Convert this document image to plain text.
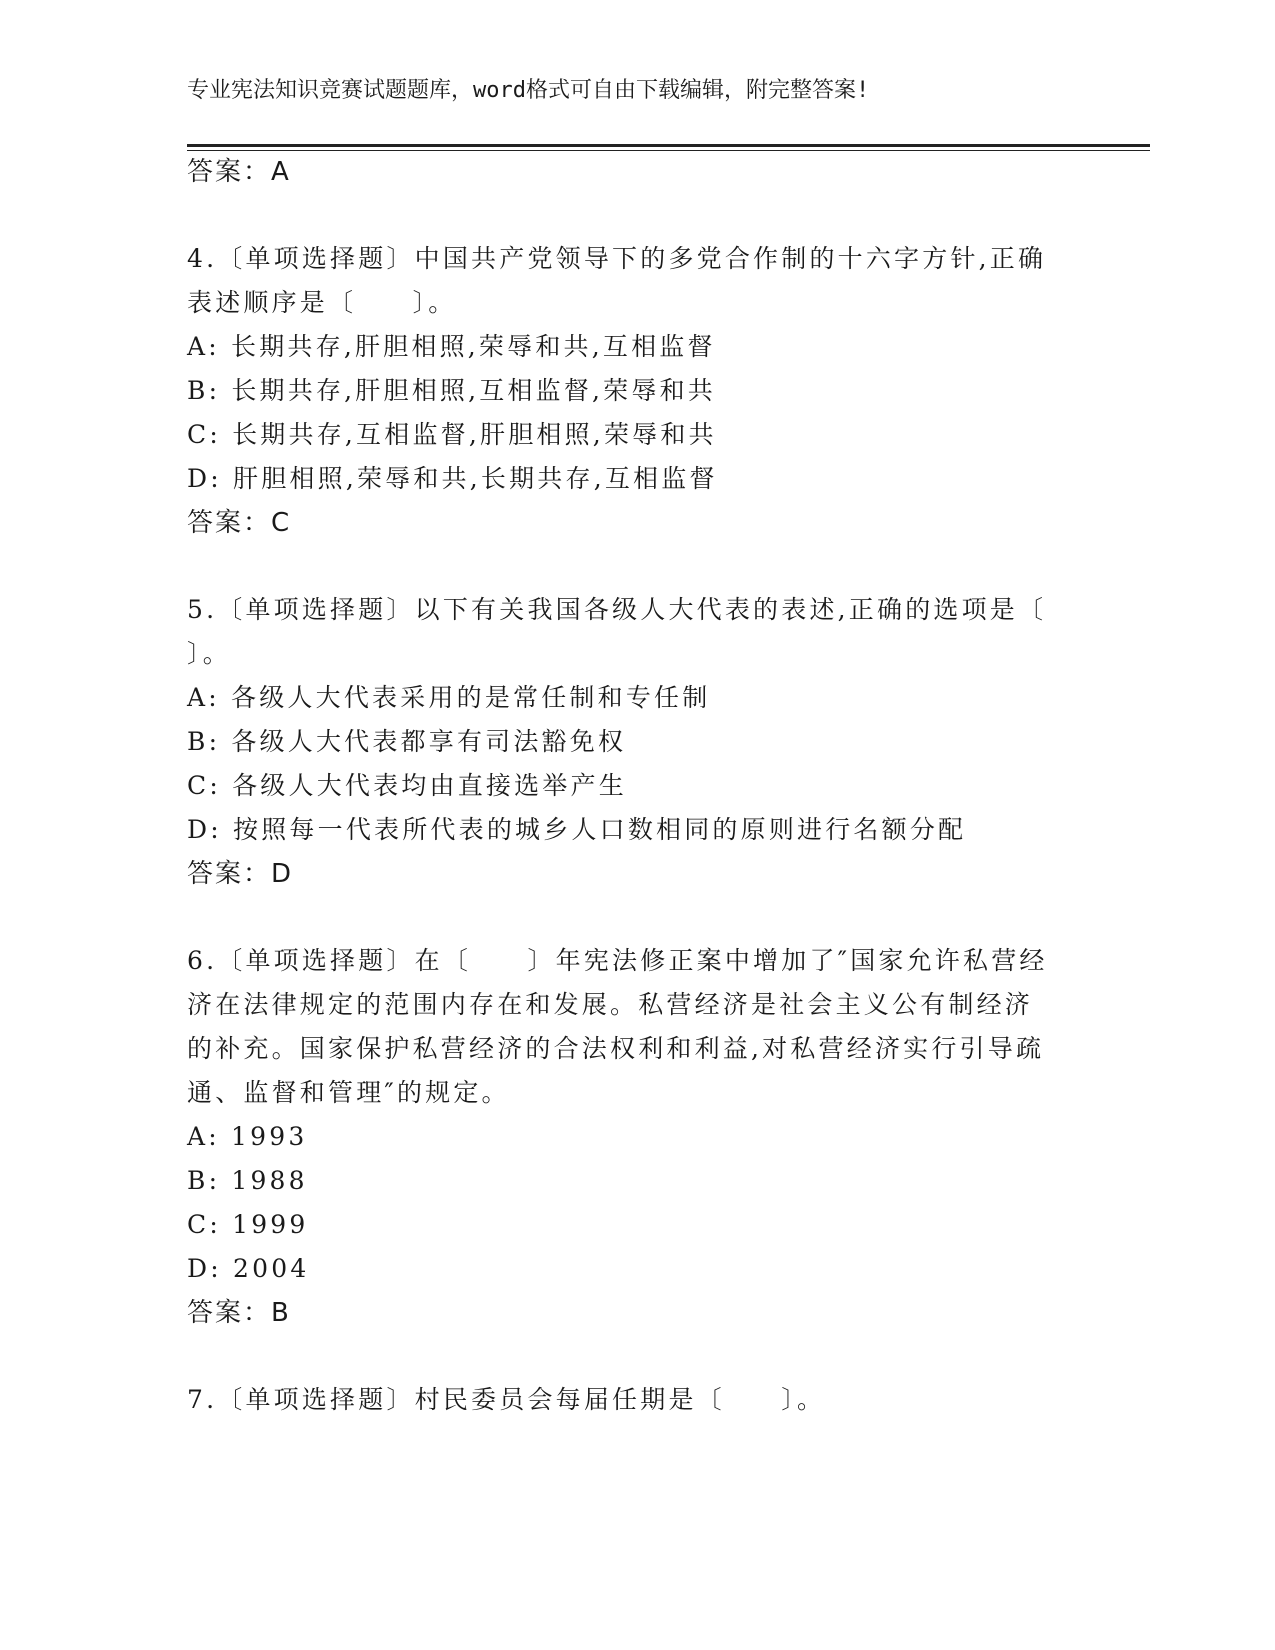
专业宪法知识竞赛试题题库，word格式可自由下载编辑，附完整答案!
答案：A
4.〔单项选择题〕中国共产党领导下的多党合作制的十六字方针,正确
表述顺序是〔　　〕。
A: 长期共存,肝胆相照,荣辱和共,互相监督
B: 长期共存,肝胆相照,互相监督,荣辱和共
C: 长期共存,互相监督,肝胆相照,荣辱和共
D: 肝胆相照,荣辱和共,长期共存,互相监督
答案：C
5.〔单项选择题〕以下有关我国各级人大代表的表述,正确的选项是〔
〕。
A: 各级人大代表采用的是常任制和专任制
B: 各级人大代表都享有司法豁免权
C: 各级人大代表均由直接选举产生
D: 按照每一代表所代表的城乡人口数相同的原则进行名额分配
答案：D
6.〔单项选择题〕在〔　　〕年宪法修正案中增加了″国家允许私营经
济在法律规定的范围内存在和发展。私营经济是社会主义公有制经济
的补充。国家保护私营经济的合法权利和利益,对私营经济实行引导疏
通、监督和管理″的规定。
A: 1993
B: 1988
C: 1999
D: 2004
答案：B
7.〔单项选择题〕村民委员会每届任期是〔　　〕。
